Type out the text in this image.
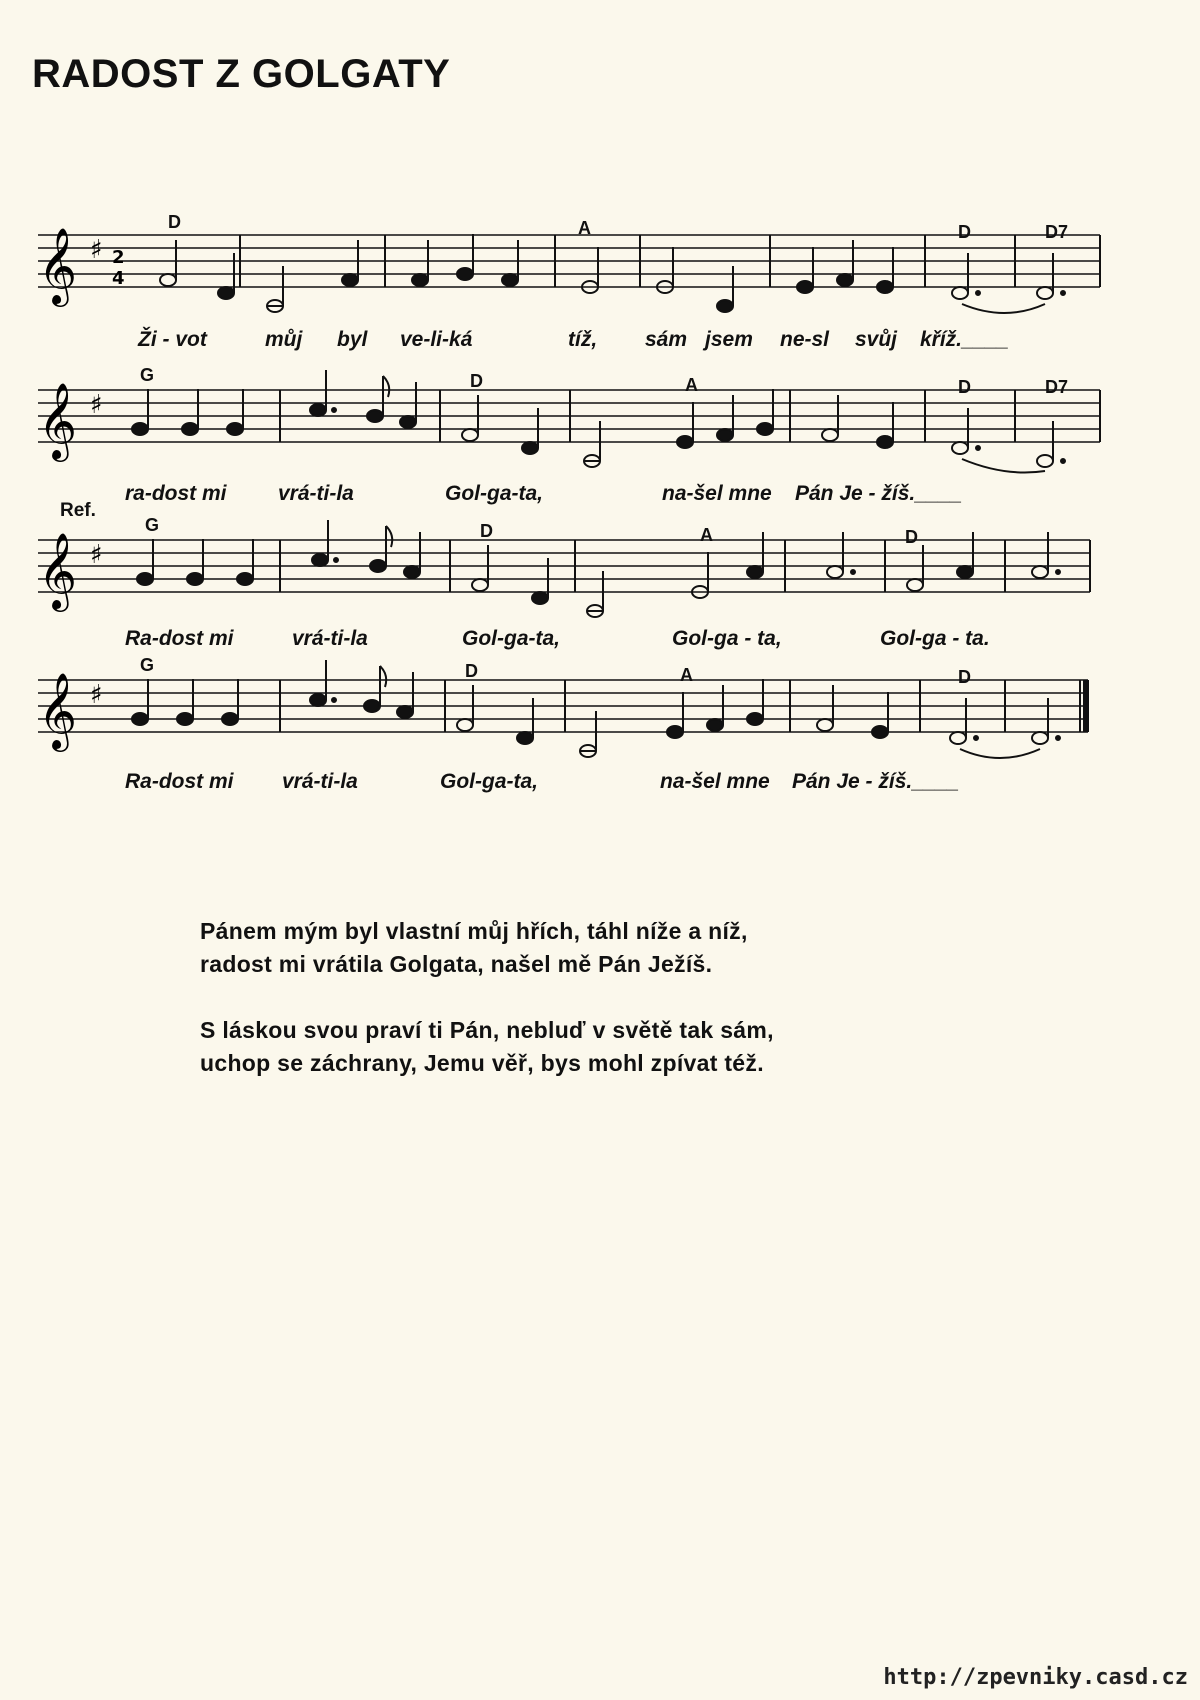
RADOST Z GOLGATY
𝄞 ♯ 2
4
D	A	D	D7
Ži - vot	můj byl ve-li-ká	tíž, sám jsem ne-sl svůj kříž.____
𝄞 ♯
G	D	A	D	D7
ra-dost mi vrá-ti-la	Gol-ga-ta,	na-šel mne Pán Je - žíš.____
Ref.
𝄞 ♯
G	D	A	D
Ra-dost mi	vrá-ti-la	Gol-ga-ta,	Gol-ga - ta,	Gol-ga - ta.
𝄞 ♯
G	D	A	D
Ra-dost mi vrá-ti-la	Gol-ga-ta,	na-šel mne Pán Je - žíš.____
Pánem mým byl vlastní můj hřích, táhl níže a níž,
radost mi vrátila Golgata, našel mě Pán Ježíš.
S láskou svou praví ti Pán, nebluď v světě tak sám,
uchop se záchrany, Jemu věř, bys mohl zpívat též.
http://zpevniky.casd.cz
